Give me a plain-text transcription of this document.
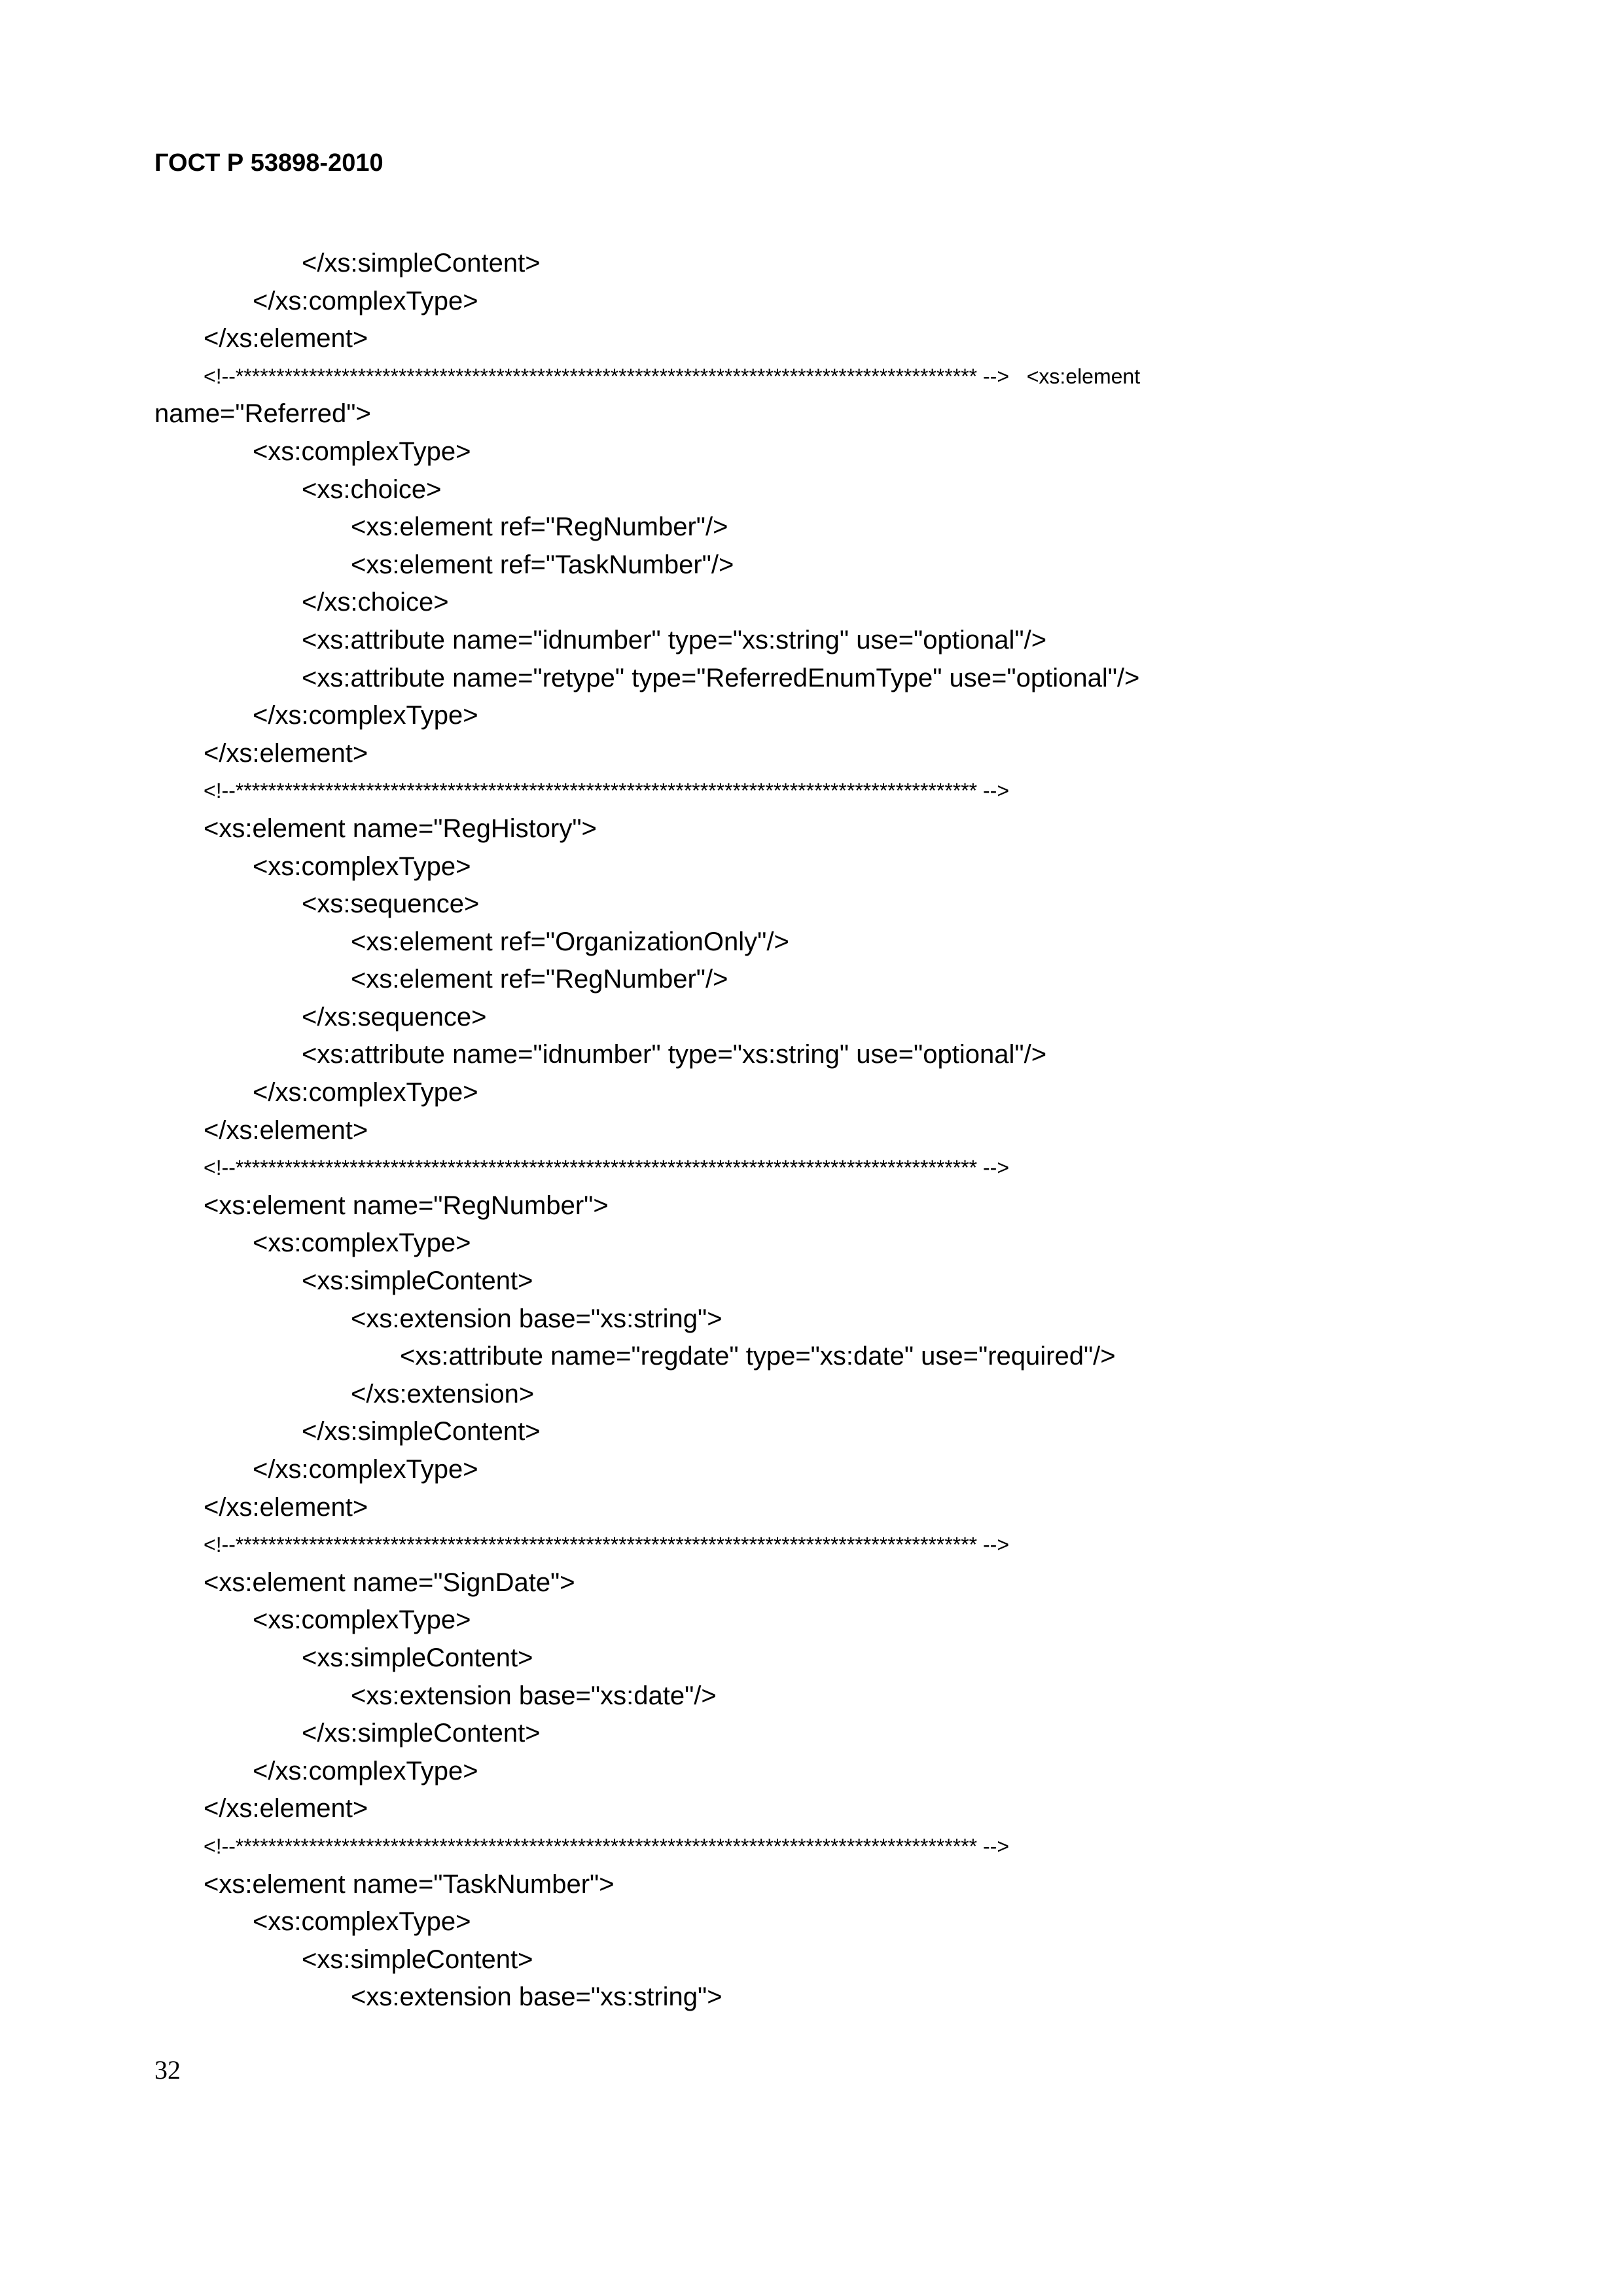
ГОСТ Р 53898-2010
</xs:simpleContent>
</xs:complexType>
</xs:element>
<!--******************************************************************************************* -->   <xs:element
name="Referred">
<xs:complexType>
<xs:choice>
<xs:element ref="RegNumber"/>
<xs:element ref="TaskNumber"/>
</xs:choice>
<xs:attribute name="idnumber" type="xs:string" use="optional"/>
<xs:attribute name="retype" type="ReferredEnumType" use="optional"/>
</xs:complexType>
</xs:element>
<!--******************************************************************************************* -->
<xs:element name="RegHistory">
<xs:complexType>
<xs:sequence>
<xs:element ref="OrganizationOnly"/>
<xs:element ref="RegNumber"/>
</xs:sequence>
<xs:attribute name="idnumber" type="xs:string" use="optional"/>
</xs:complexType>
</xs:element>
<!--******************************************************************************************* -->
<xs:element name="RegNumber">
<xs:complexType>
<xs:simpleContent>
<xs:extension base="xs:string">
<xs:attribute name="regdate" type="xs:date" use="required"/>
</xs:extension>
</xs:simpleContent>
</xs:complexType>
</xs:element>
<!--******************************************************************************************* -->
<xs:element name="SignDate">
<xs:complexType>
<xs:simpleContent>
<xs:extension base="xs:date"/>
</xs:simpleContent>
</xs:complexType>
</xs:element>
<!--******************************************************************************************* -->
<xs:element name="TaskNumber">
<xs:complexType>
<xs:simpleContent>
<xs:extension base="xs:string">
32
